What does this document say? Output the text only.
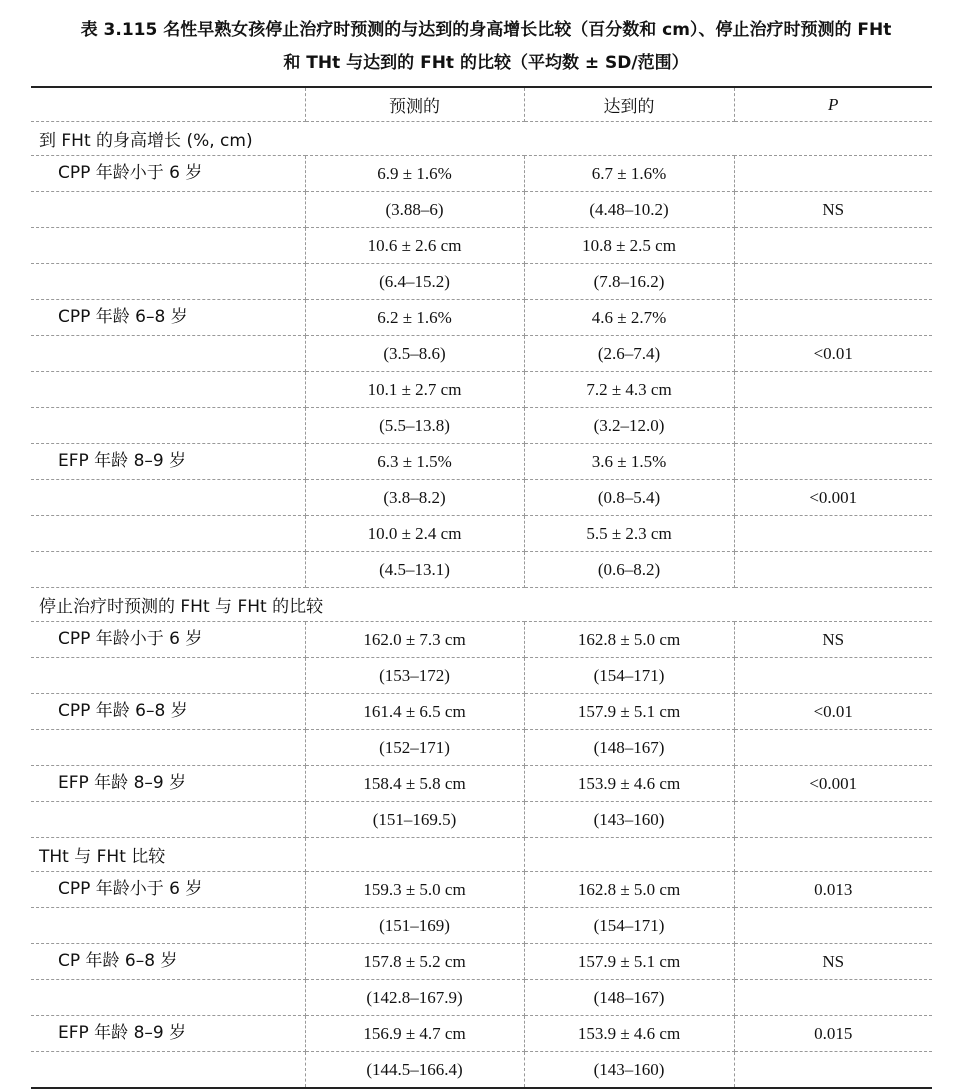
表 3.115 名性早熟女孩停止治疗时预测的与达到的身高增长比较（百分数和 cm）、停止治疗时预测的 FHt
和 THt 与达到的 FHt 的比较（平均数 ± SD/范围）
	预测的	达到的	P
到 FHt 的身高增长 (%, cm)			
CPP 年龄小于 6 岁	6.9 ± 1.6%	6.7 ± 1.6%	
	(3.88–6)	(4.48–10.2)	NS
	10.6 ± 2.6 cm	10.8 ± 2.5 cm	
	(6.4–15.2)	(7.8–16.2)	
CPP 年龄 6–8 岁	6.2 ± 1.6%	4.6 ± 2.7%	
	(3.5–8.6)	(2.6–7.4)	<0.01
	10.1 ± 2.7 cm	7.2 ± 4.3 cm	
	(5.5–13.8)	(3.2–12.0)	
EFP 年龄 8–9 岁	6.3 ± 1.5%	3.6 ± 1.5%	
	(3.8–8.2)	(0.8–5.4)	<0.001
	10.0 ± 2.4 cm	5.5 ± 2.3 cm	
	(4.5–13.1)	(0.6–8.2)	
停止治疗时预测的 FHt 与 FHt 的比较			
CPP 年龄小于 6 岁	162.0 ± 7.3 cm	162.8 ± 5.0 cm	NS
	(153–172)	(154–171)	
CPP 年龄 6–8 岁	161.4 ± 6.5 cm	157.9 ± 5.1 cm	<0.01
	(152–171)	(148–167)	
EFP 年龄 8–9 岁	158.4 ± 5.8 cm	153.9 ± 4.6 cm	<0.001
	(151–169.5)	(143–160)	
THt 与 FHt 比较			
CPP 年龄小于 6 岁	159.3 ± 5.0 cm	162.8 ± 5.0 cm	0.013
	(151–169)	(154–171)	
CP 年龄 6–8 岁	157.8 ± 5.2 cm	157.9 ± 5.1 cm	NS
	(142.8–167.9)	(148–167)	
EFP 年龄 8–9 岁	156.9 ± 4.7 cm	153.9 ± 4.6 cm	0.015
	(144.5–166.4)	(143–160)	
